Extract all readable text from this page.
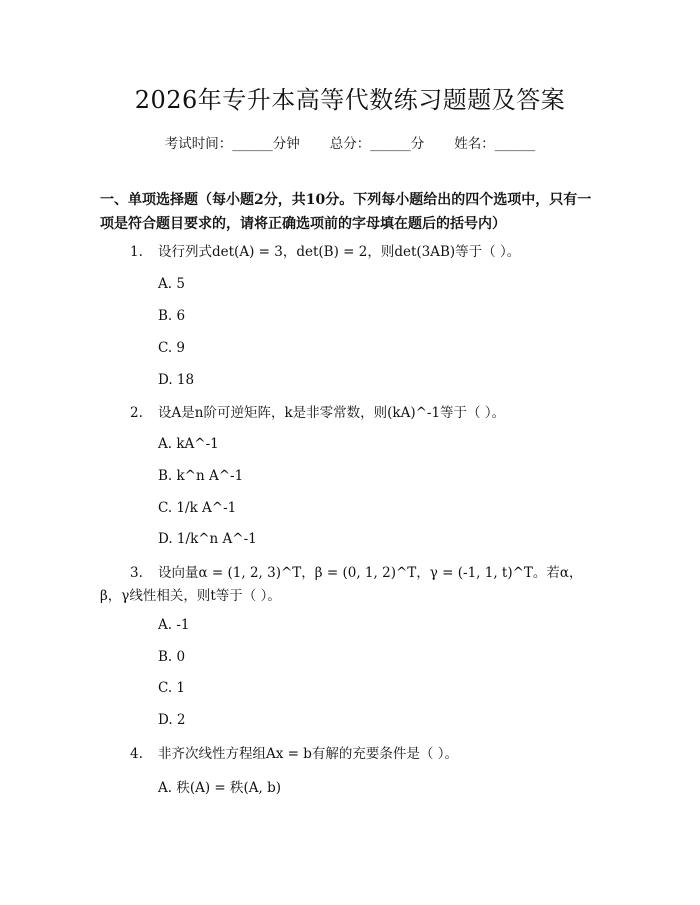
2026年专升本高等代数练习题题及答案
考试时间：______分钟 总分：______分 姓名：______
一、单项选择题（每小题2分，共10分。下列每小题给出的四个选项中，只有一项是符合题目要求的，请将正确选项前的字母填在题后的括号内）
1. 设行列式det(A) = 3，det(B) = 2，则det(3AB)等于（ ）。
A. 5
B. 6
C. 9
D. 18
2. 设A是n阶可逆矩阵，k是非零常数，则(kA)^-1等于（ ）。
A. kA^-1
B. k^n A^-1
C. 1/k A^-1
D. 1/k^n A^-1
3. 设向量α = (1, 2, 3)^T，β = (0, 1, 2)^T，γ = (-1, 1, t)^T。若α，β，γ线性相关，则t等于（ ）。
A. -1
B. 0
C. 1
D. 2
4. 非齐次线性方程组Ax = b有解的充要条件是（ ）。
A. 秩(A) = 秩(A, b)
